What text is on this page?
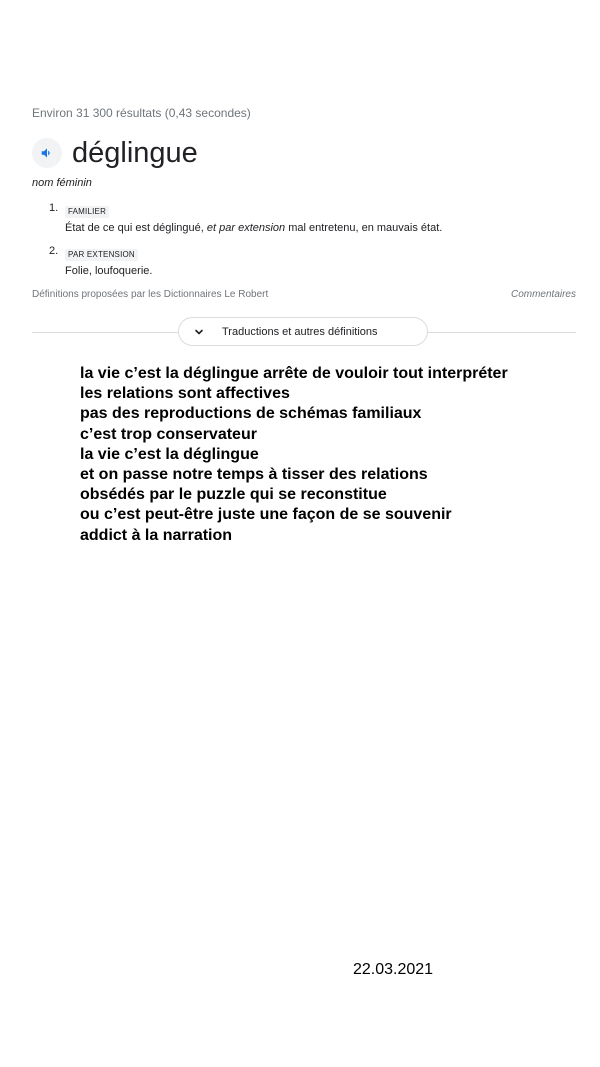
Environ 31 300 résultats (0,43 secondes)
déglingue
nom féminin
1.	FAMILIER
État de ce qui est déglingué, et par extension mal entretenu, en mauvais état.
2.	PAR EXTENSION
Folie, loufoquerie.
Définitions proposées par les Dictionnaires Le Robert	Commentaires
Traductions et autres définitions
la vie c’est la déglingue arrête de vouloir tout interpréter
les relations sont affectives
pas des reproductions de schémas familiaux
c’est trop conservateur
la vie c’est la déglingue
et on passe notre temps à tisser des relations
obsédés par le puzzle qui se reconstitue
ou c’est peut-être juste une façon de se souvenir
addict à la narration
22.03.2021
